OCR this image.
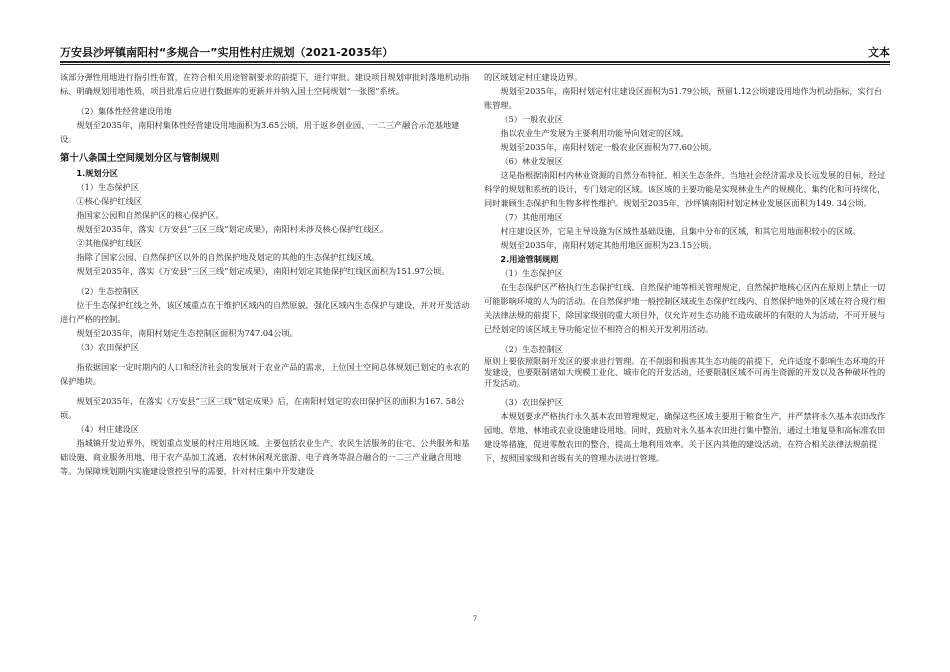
万安县沙坪镇南阳村“多规合一”实用性村庄规划（2021-2035年）	文本

该部分弹性用地进行指引性布置，在符合相关用途管制要求的前提下，进行审批。建设项目规划审批时落地机动指标、明确规划用地性质，项目批准后应进行数据库的更新并并纳入国土空间规划“一张图”系统。

（2）集体性经营建设用地

规划至2035年，南阳村集体性经营建设用地面积为3.65公顷，用于返乡创业园、一二三产融合示范基地建设。

第十八条国土空间规划分区与管制规则

1.规划分区

（1）生态保护区

①核心保护红线区

指国家公园和自然保护区的核心保护区。

规划至2035年，落实《万安县“三区三线”划定成果》，南阳村未涉及核心保护红线区。

②其他保护红线区

指除了国家公园、自然保护区以外的自然保护地及划定的其他的生态保护红线区域。

规划至2035年，落实《万安县“三区三线”划定成果》，南阳村划定其他保护红线区面积为151.97公顷。

（2）生态控制区

位于生态保护红线之外，该区域重点在于维护区域内的自然原貌，强化区域内生态保护与建设，并对开发活动进行严格的控制。

规划至2035年，南阳村划定生态控制区面积为747.04公顷。

（3）农田保护区

指依据国家一定时期内的人口和经济社会的发展对于农业产品的需求，上位国土空间总体规划已划定的永农的保护地块。

规划至2035年，在落实《万安县“三区三线”划定成果》后，在南阳村划定的农田保护区的面积为167. 58公顷。

（4）村庄建设区

指城镇开发边界外，规划重点发展的村庄用地区域。主要包括农业生产、农民生活服务的住宅、公共服务和基础设施、商业服务用地、用于农产品加工流通、农村休闲观光旅游、电子商务等混合融合的一二三产业融合用地等。为保障规划期内实施建设管控引导的需要，针对村庄集中开发建设

的区域划定村庄建设边界。

规划至2035年，南阳村划定村庄建设区面积为51.79公顷，预留1.12公顷建设用地作为机动指标，实行台账管理。

（5）一般农业区

指以农业生产发展为主要利用功能导向划定的区域。

规划至2035年，南阳村划定一般农业区面积为77.60公顷。

（6）林业发展区

这是指根据南阳村内林业资源的自然分布特征、相关生态条件、当地社会经济需求及长远发展的目标，经过科学的规划和系统的设计，专门划定的区域。该区域的主要功能是实现林业生产的规模化、集约化和可持续化，同时兼顾生态保护和生物多样性维护。规划至2035年，沙坪镇南阳村划定林业发展区面积为149. 34公顷。

（7）其他用地区

村庄建设区外，它是主导设施为区域性基础设施，且集中分布的区域，和其它用地面积较小的区域。

规划至2035年，南阳村划定其他用地区面积为23.15公顷。

2.用途管制规则

（1）生态保护区

在生态保护区严格执行生态保护红线、自然保护地等相关管理规定，自然保护地核心区内在原则上禁止一切可能影响环境的人为的活动。在自然保护地一般控制区域或生态保护红线内、自然保护地外的区域在符合现行相关法律法规的前提下，除国家级别的重大项目外，仅允许对生态功能不造成破坏的有限的人为活动，不可开展与已经划定的该区域主导功能定位不相符合的相关开发利用活动。

（2）生态控制区

原则上要依照限制开发区的要求进行管理。在不削弱和损害其生态功能的前提下，允许适度不影响生态环境的开发建设，也要限制诸如大规模工业化、城市化的开发活动，还要限制区域不可再生资源的开发以及各种破坏性的开发活动。

（3）农田保护区

本规划要求严格执行永久基本农田管理规定，确保这些区域主要用于粮食生产，并严禁将永久基本农田改作园地、草地、林地或农业设施建设用地。同时，鼓励对永久基本农田进行集中整治，通过土地复垦和高标准农田建设等措施，促进零散农田的整合，提高土地利用效率。关于区内其他的建设活动，在符合相关法律法规前提下，按照国家级和省级有关的管理办法进行管理。

7
